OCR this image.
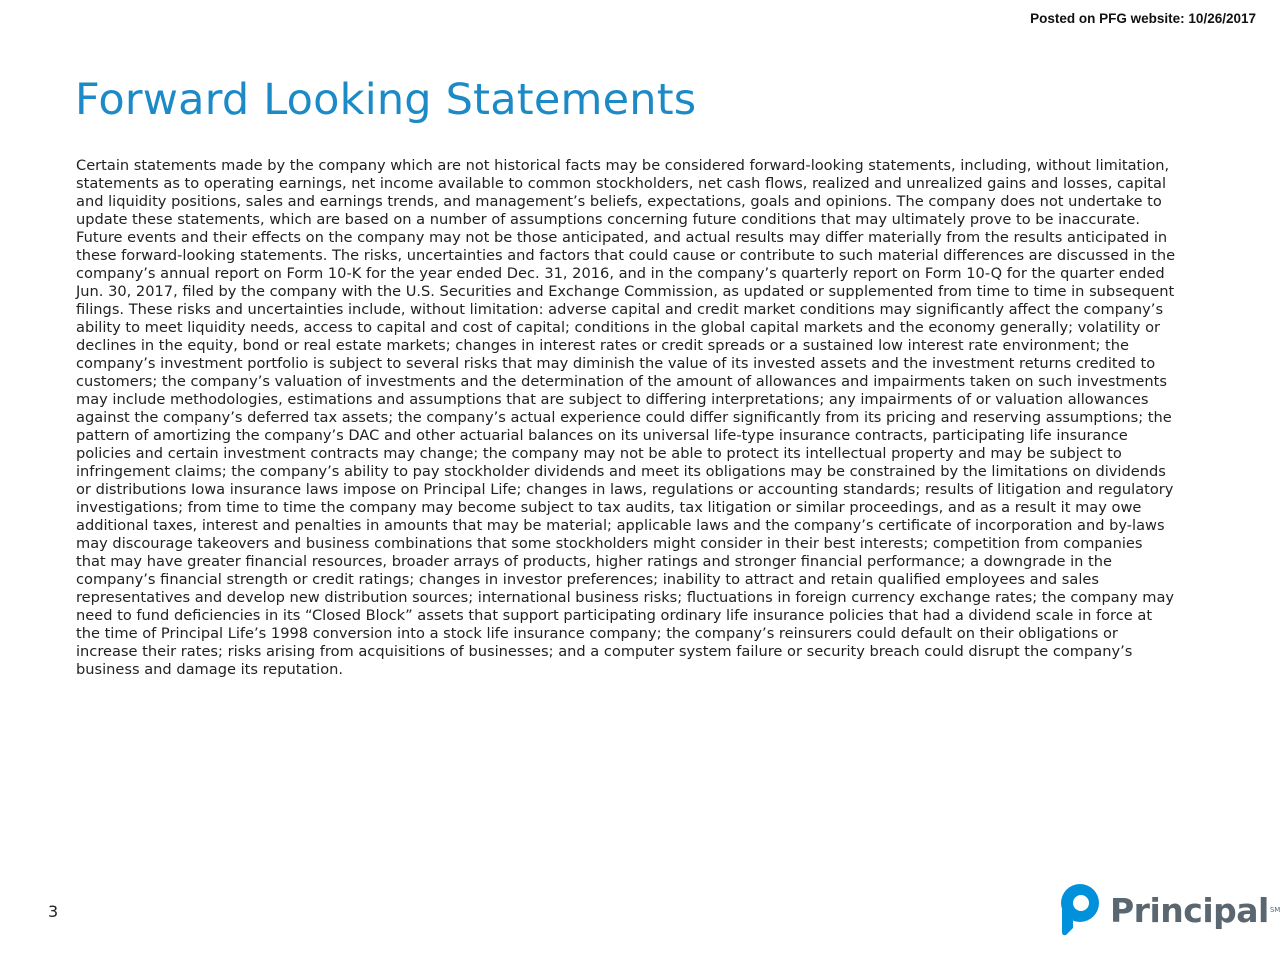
Posted on PFG website: 10/26/2017
Forward Looking Statements

Certain statements made by the company which are not historical facts may be considered forward-looking statements, including, without limitation, statements as to operating earnings, net income available to common stockholders, net cash flows, realized and unrealized gains and losses, capital and liquidity positions, sales and earnings trends, and management’s beliefs, expectations, goals and opinions. The company does not undertake to update these statements, which are based on a number of assumptions concerning future conditions that may ultimately prove to be inaccurate. Future events and their effects on the company may not be those anticipated, and actual results may differ materially from the results anticipated in these forward-looking statements. The risks, uncertainties and factors that could cause or contribute to such material differences are discussed in the company’s annual report on Form 10-K for the year ended Dec. 31, 2016, and in the company’s quarterly report on Form 10-Q for the quarter ended Jun. 30, 2017, filed by the company with the U.S. Securities and Exchange Commission, as updated or supplemented from time to time in subsequent filings. These risks and uncertainties include, without limitation: adverse capital and credit market conditions may significantly affect the company’s ability to meet liquidity needs, access to capital and cost of capital; conditions in the global capital markets and the economy generally; volatility or declines in the equity, bond or real estate markets; changes in interest rates or credit spreads or a sustained low interest rate environment; the company’s investment portfolio is subject to several risks that may diminish the value of its invested assets and the investment returns credited to customers; the company’s valuation of investments and the determination of the amount of allowances and impairments taken on such investments may include methodologies, estimations and assumptions that are subject to differing interpretations; any impairments of or valuation allowances against the company’s deferred tax assets; the company’s actual experience could differ significantly from its pricing and reserving assumptions; the pattern of amortizing the company’s DAC and other actuarial balances on its universal life-type insurance contracts, participating life insurance policies and certain investment contracts may change; the company may not be able to protect its intellectual property and may be subject to infringement claims; the company’s ability to pay stockholder dividends and meet its obligations may be constrained by the limitations on dividends or distributions Iowa insurance laws impose on Principal Life; changes in laws, regulations or accounting standards; results of litigation and regulatory investigations; from time to time the company may become subject to tax audits, tax litigation or similar proceedings, and as a result it may owe additional taxes, interest and penalties in amounts that may be material; applicable laws and the company’s certificate of incorporation and by-laws may discourage takeovers and business combinations that some stockholders might consider in their best interests; competition from companies that may have greater financial resources, broader arrays of products, higher ratings and stronger financial performance; a downgrade in the company’s financial strength or credit ratings; changes in investor preferences; inability to attract and retain qualified employees and sales representatives and develop new distribution sources; international business risks; fluctuations in foreign currency exchange rates; the company may need to fund deficiencies in its “Closed Block” assets that support participating ordinary life insurance policies that had a dividend scale in force at the time of Principal Life’s 1998 conversion into a stock life insurance company; the company’s reinsurers could default on their obligations or increase their rates; risks arising from acquisitions of businesses; and a computer system failure or security breach could disrupt the company’s business and damage its reputation.

3	Principal SM
